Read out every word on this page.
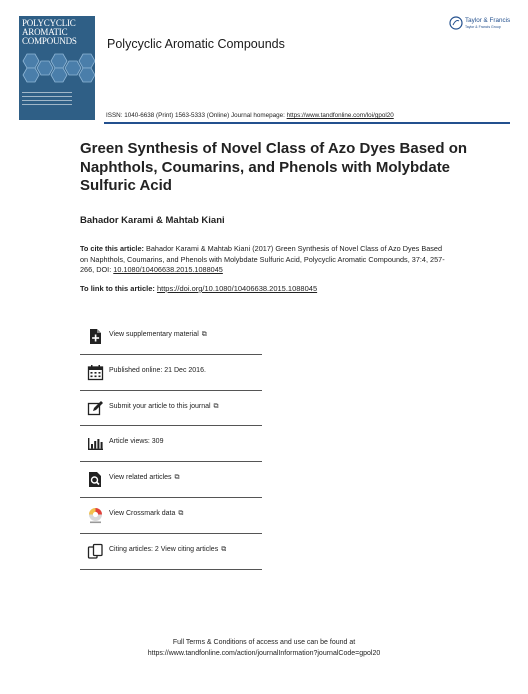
POLYCYCLIC
AROMATIC
COMPOUNDS Polycyclic Aromatic Compounds
Taylor & Francis
Taylor & Francis Group
ISSN: 1040-6638 (Print) 1563-5333 (Online) Journal homepage: https://www.tandfonline.com/loi/gpol20
Green Synthesis of Novel Class of Azo Dyes Based on Naphthols, Coumarins, and Phenols with Molybdate Sulfuric Acid
Bahador Karami & Mahtab Kiani
To cite this article: Bahador Karami & Mahtab Kiani (2017) Green Synthesis of Novel Class of Azo Dyes Based on Naphthols, Coumarins, and Phenols with Molybdate Sulfuric Acid, Polycyclic Aromatic Compounds, 37:4, 257-266, DOI: 10.1080/10406638.2015.1088045
To link to this article: https://doi.org/10.1080/10406638.2015.1088045
View supplementary material ⧉
Published online: 21 Dec 2016.
Submit your article to this journal ⧉
Article views: 309
View related articles ⧉
View Crossmark data ⧉
Citing articles: 2 View citing articles ⧉
Full Terms & Conditions of access and use can be found at
https://www.tandfonline.com/action/journalInformation?journalCode=gpol20
